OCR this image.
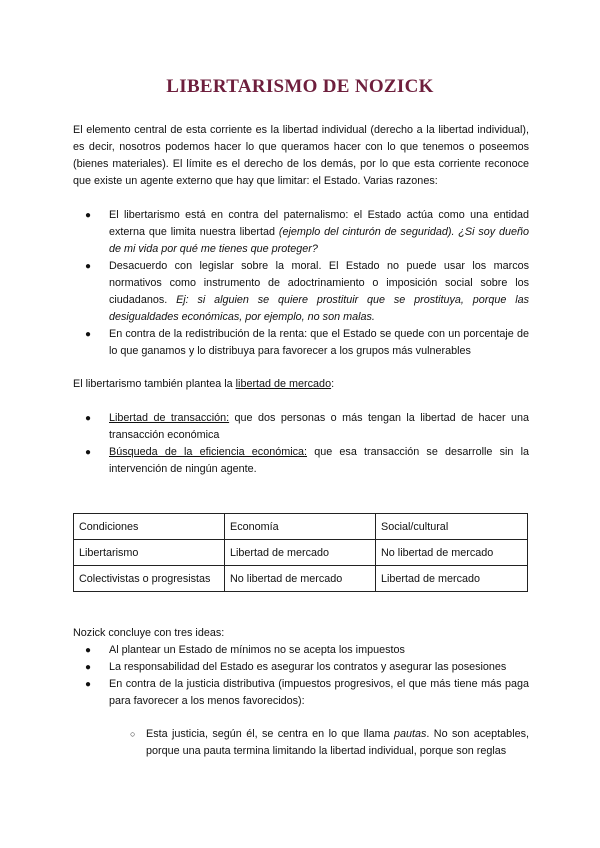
LIBERTARISMO DE NOZICK

El elemento central de esta corriente es la libertad individual (derecho a la libertad individual), es decir, nosotros podemos hacer lo que queramos hacer con lo que tenemos o poseemos (bienes materiales). El límite es el derecho de los demás, por lo que esta corriente reconoce que existe un agente externo que hay que limitar: el Estado. Varias razones:

● El libertarismo está en contra del paternalismo: el Estado actúa como una entidad externa que limita nuestra libertad (ejemplo del cinturón de seguridad). ¿Si soy dueño de mi vida por qué me tienes que proteger?
● Desacuerdo con legislar sobre la moral. El Estado no puede usar los marcos normativos como instrumento de adoctrinamiento o imposición social sobre los ciudadanos. Ej: si alguien se quiere prostituir que se prostituya, porque las desigualdades económicas, por ejemplo, no son malas.
● En contra de la redistribución de la renta: que el Estado se quede con un porcentaje de lo que ganamos y lo distribuya para favorecer a los grupos más vulnerables

El libertarismo también plantea la libertad de mercado:

● Libertad de transacción: que dos personas o más tengan la libertad de hacer una transacción económica
● Búsqueda de la eficiencia económica: que esa transacción se desarrolle sin la intervención de ningún agente.
Condiciones	Economía	Social/cultural
Libertarismo	Libertad de mercado	No libertad de mercado
Colectivistas o progresistas	No libertad de mercado	Libertad de mercado

Nozick concluye con tres ideas:

● Al plantear un Estado de mínimos no se acepta los impuestos
● La responsabilidad del Estado es asegurar los contratos y asegurar las posesiones
● En contra de la justicia distributiva (impuestos progresivos, el que más tiene más paga para favorecer a los menos favorecidos):
○ Esta justicia, según él, se centra en lo que llama pautas. No son aceptables, porque una pauta termina limitando la libertad individual, porque son reglas
